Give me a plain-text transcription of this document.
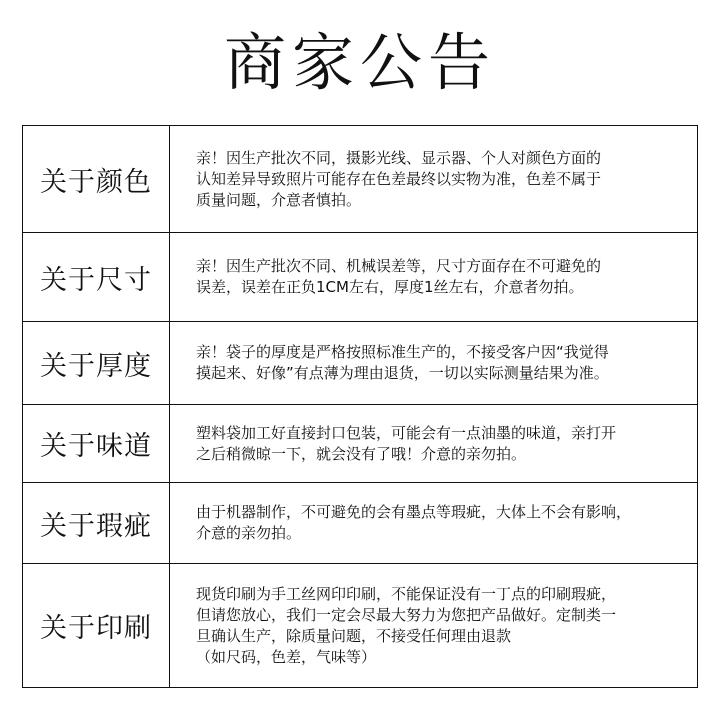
商家公告
关于颜色	亲！因生产批次不同，摄影光线、显示器、个人对颜色方面的
认知差异导致照片可能存在色差最终以实物为准，色差不属于
质量问题，介意者慎拍。

关于尺寸	亲！因生产批次不同、机械误差等，尺寸方面存在不可避免的
误差，误差在正负1CM左右，厚度1丝左右，介意者勿拍。

关于厚度	亲！袋子的厚度是严格按照标准生产的，不接受客户因“我觉得
摸起来、好像”有点薄为理由退货，一切以实际测量结果为准。

关于味道	塑料袋加工好直接封口包装，可能会有一点油墨的味道，亲打开
之后稍微晾一下，就会没有了哦！介意的亲勿拍。

关于瑕疵	由于机器制作，不可避免的会有墨点等瑕疵，大体上不会有影响，
介意的亲勿拍。

关于印刷	现货印刷为手工丝网印印刷，不能保证没有一丁点的印刷瑕疵，
但请您放心，我们一定会尽最大努力为您把产品做好。定制类一
旦确认生产，除质量问题，不接受任何理由退款
（如尺码，色差，气味等）
